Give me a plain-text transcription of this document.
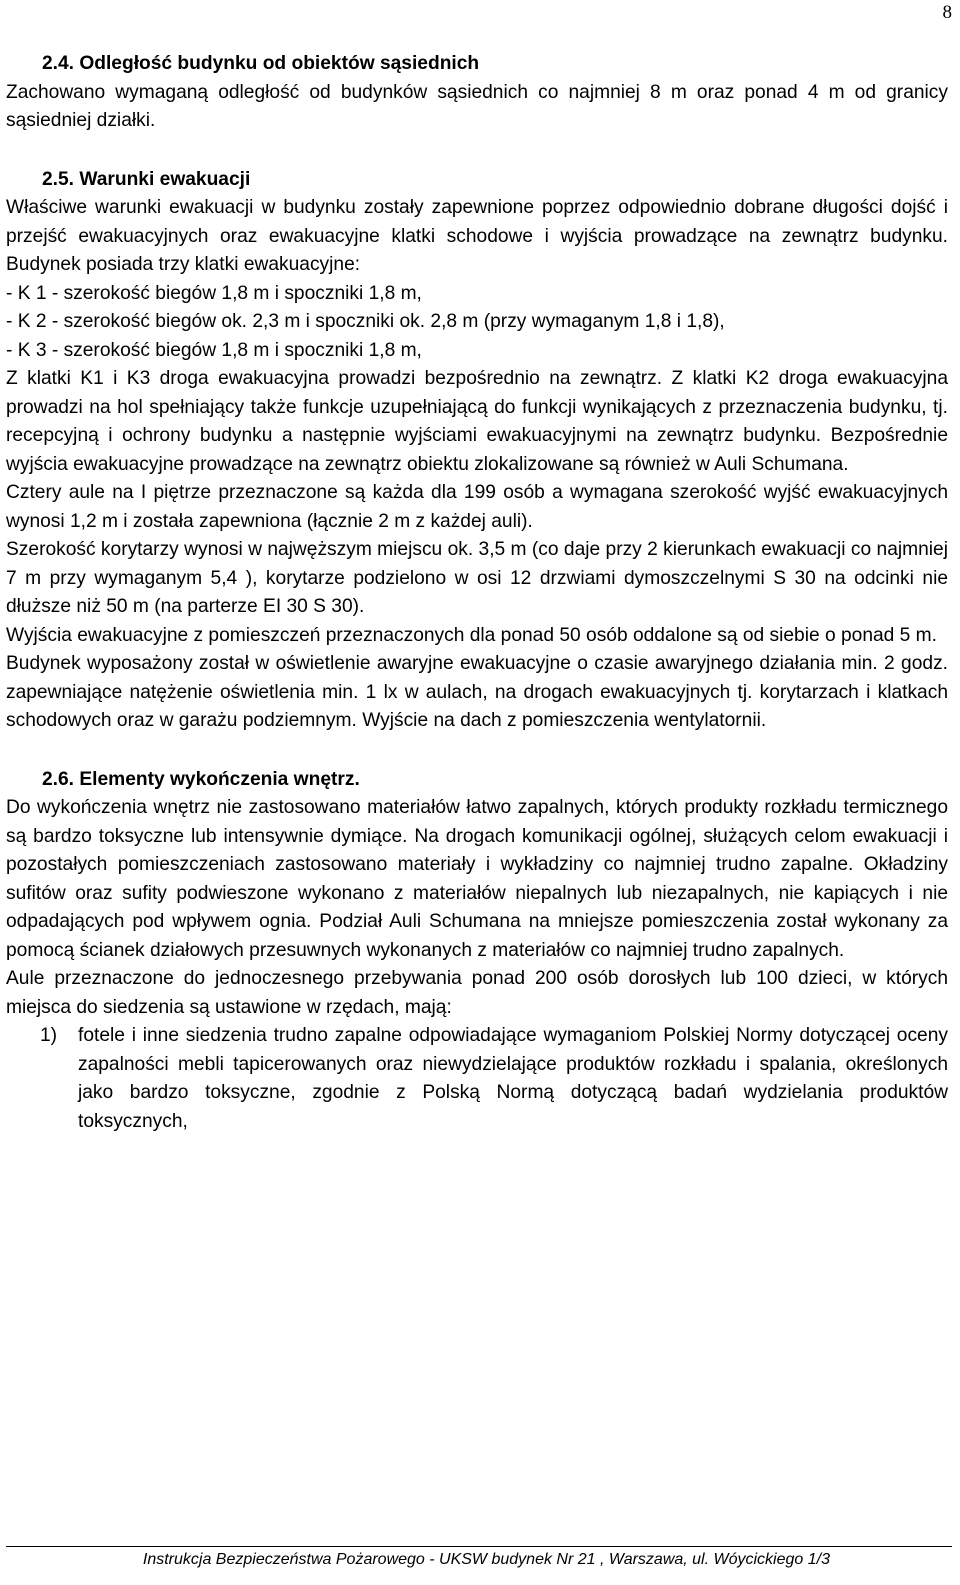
8
2.4. Odległość budynku od obiektów sąsiednich

Zachowano wymaganą odległość od budynków sąsiednich co najmniej 8 m oraz ponad 4 m od granicy sąsiedniej działki.

2.5. Warunki ewakuacji

Właściwe warunki ewakuacji w budynku zostały zapewnione poprzez odpowiednio dobrane długości dojść i przejść ewakuacyjnych oraz ewakuacyjne klatki schodowe i wyjścia prowadzące na zewnątrz budynku. Budynek posiada trzy klatki ewakuacyjne:

- K 1 - szerokość biegów 1,8 m i spoczniki 1,8 m,

- K 2 - szerokość biegów ok. 2,3 m i spoczniki ok. 2,8 m (przy wymaganym 1,8 i 1,8),

- K 3 - szerokość biegów 1,8 m i spoczniki 1,8 m,

Z klatki K1 i K3 droga ewakuacyjna prowadzi bezpośrednio na zewnątrz. Z klatki K2 droga ewakuacyjna prowadzi na hol spełniający także funkcje uzupełniającą do funkcji wynikających z przeznaczenia budynku, tj. recepcyjną i ochrony budynku a następnie wyjściami ewakuacyjnymi na zewnątrz budynku. Bezpośrednie wyjścia ewakuacyjne prowadzące na zewnątrz obiektu zlokalizowane są również w Auli Schumana.

Cztery aule na I piętrze przeznaczone są każda dla 199 osób a wymagana szerokość wyjść ewakuacyjnych wynosi 1,2 m i została zapewniona (łącznie 2 m z każdej auli).

Szerokość korytarzy wynosi w najwęższym miejscu ok. 3,5 m (co daje przy 2 kierunkach ewakuacji co najmniej 7 m przy wymaganym 5,4 ), korytarze podzielono w osi 12 drzwiami dymoszczelnymi S 30 na odcinki nie dłuższe niż 50 m (na parterze EI 30 S 30).

Wyjścia ewakuacyjne z pomieszczeń przeznaczonych dla ponad 50 osób oddalone są od siebie o ponad 5 m.

Budynek wyposażony został w oświetlenie awaryjne ewakuacyjne o czasie awaryjnego działania min. 2 godz. zapewniające natężenie oświetlenia min. 1 lx w aulach, na drogach ewakuacyjnych tj. korytarzach i klatkach schodowych oraz w garażu podziemnym. Wyjście na dach z pomieszczenia wentylatornii.

2.6. Elementy wykończenia wnętrz.

Do wykończenia wnętrz nie zastosowano materiałów łatwo zapalnych, których produkty rozkładu termicznego są bardzo toksyczne lub intensywnie dymiące. Na drogach komunikacji ogólnej, służących celom ewakuacji i pozostałych pomieszczeniach zastosowano materiały i wykładziny co najmniej trudno zapalne. Okładziny sufitów oraz sufity podwieszone wykonano z materiałów niepalnych lub niezapalnych, nie kapiących i nie odpadających pod wpływem ognia. Podział Auli Schumana na mniejsze pomieszczenia został wykonany za pomocą ścianek działowych przesuwnych wykonanych z materiałów co najmniej trudno zapalnych.

Aule przeznaczone do jednoczesnego przebywania ponad 200 osób dorosłych lub 100 dzieci, w których miejsca do siedzenia są ustawione w rzędach, mają:

1)	fotele i inne siedzenia trudno zapalne odpowiadające wymaganiom Polskiej Normy dotyczącej oceny zapalności mebli tapicerowanych oraz niewydzielające produktów rozkładu i spalania, określonych jako bardzo toksyczne, zgodnie z Polską Normą dotyczącą badań wydzielania produktów toksycznych,
Instrukcja Bezpieczeństwa Pożarowego - UKSW budynek Nr 21 , Warszawa, ul. Wóycickiego 1/3
